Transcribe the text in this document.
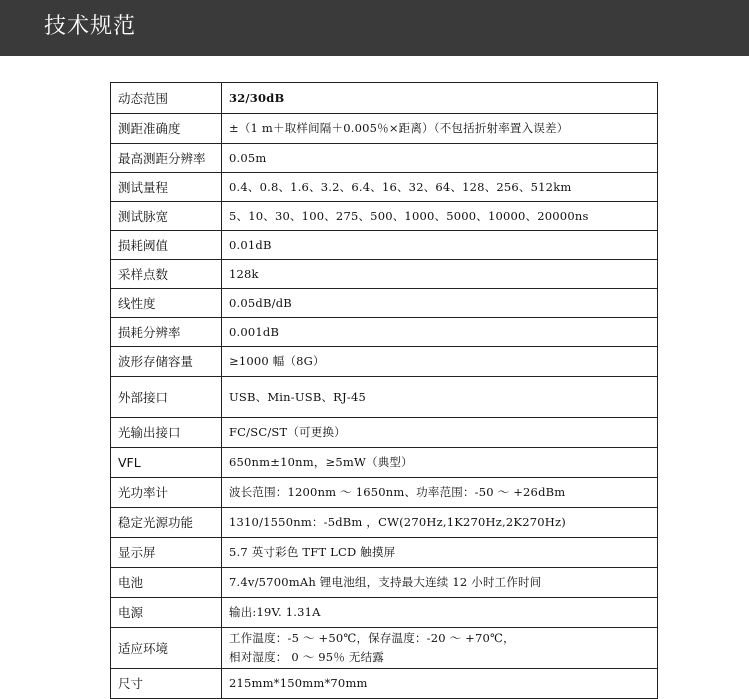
技术规范
动态范围	32/30dB
测距准确度	±（1 m＋取样间隔＋0.005％×距离）（不包括折射率置入误差）
最高测距分辨率	0.05m
测试量程	0.4、0.8、1.6、3.2、6.4、16、32、64、128、256、512km
测试脉宽	5、10、30、100、275、500、1000、5000、10000、20000ns
损耗阈值	0.01dB
采样点数	128k
线性度	0.05dB/dB
损耗分辨率	0.001dB
波形存储容量	≥1000 幅（8G）
外部接口	USB、Min-USB、RJ-45
光输出接口	FC/SC/ST（可更换）
VFL	650nm±10nm，≥5mW（典型）
光功率计	波长范围：1200nm ～ 1650nm、功率范围：-50 ～ +26dBm
稳定光源功能	1310/1550nm：-5dBm ，CW(270Hz,1K270Hz,2K270Hz)
显示屏	5.7 英寸彩色 TFT LCD 触摸屏
电池	7.4v/5700mAh 锂电池组，支持最大连续 12 小时工作时间
电源	输出:19V. 1.31A
适应环境	工作温度：-5 ～ +50℃，保存温度：-20 ～ +70℃，
相对湿度： 0 ～ 95％ 无结露

尺寸	215mm*150mm*70mm
